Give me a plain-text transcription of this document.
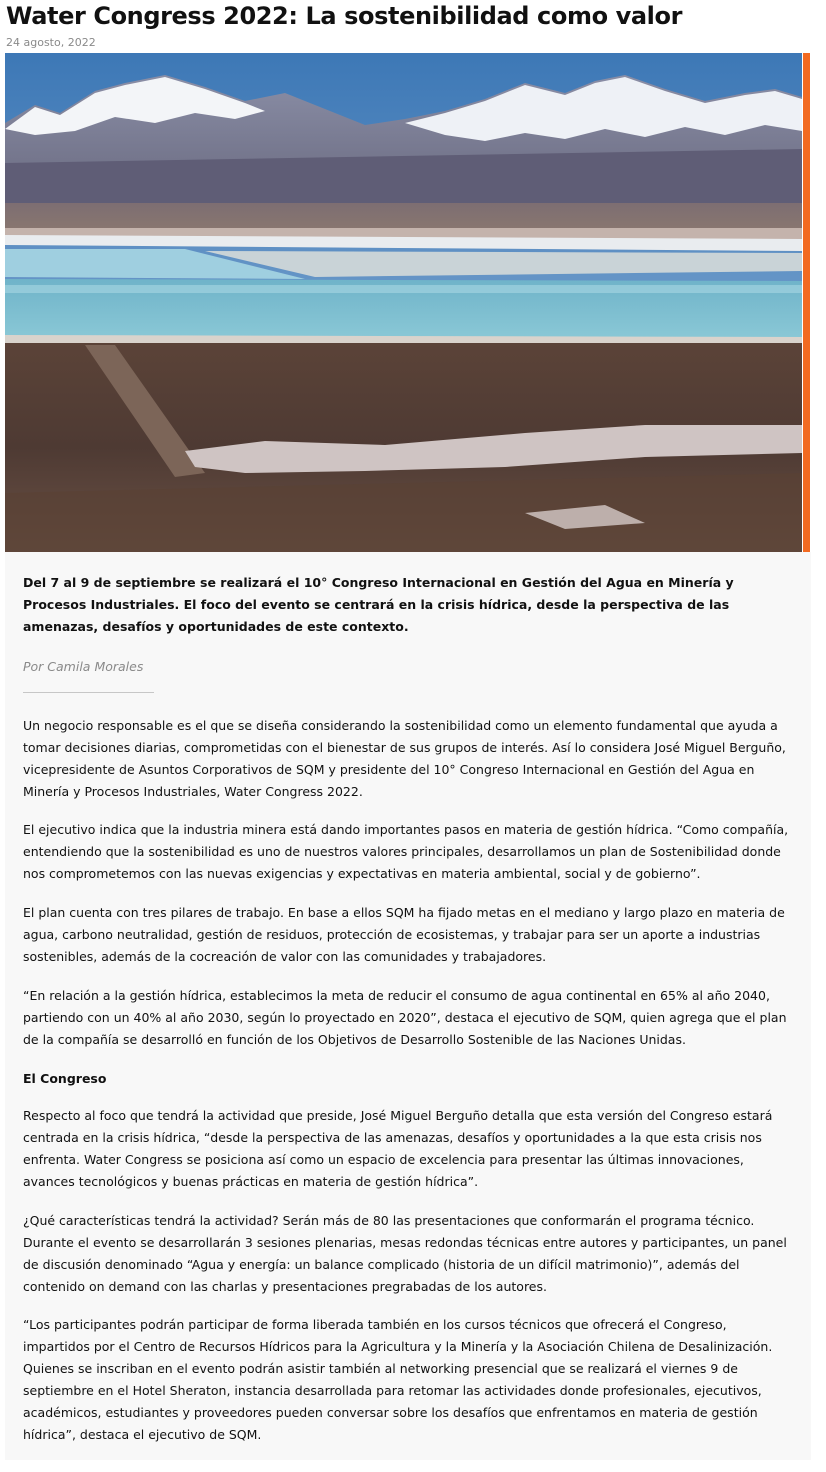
Water Congress 2022: La sostenibilidad como valor
24 agosto, 2022

Del 7 al 9 de septiembre se realizará el 10° Congreso Internacional en Gestión del Agua en Minería y Procesos Industriales. El foco del evento se centrará en la crisis hídrica, desde la perspectiva de las amenazas, desafíos y oportunidades de este contexto.

Por Camila Morales

Un negocio responsable es el que se diseña considerando la sostenibilidad como un elemento fundamental que ayuda a tomar decisiones diarias, comprometidas con el bienestar de sus grupos de interés. Así lo considera José Miguel Berguño, vicepresidente de Asuntos Corporativos de SQM y presidente del 10° Congreso Internacional en Gestión del Agua en Minería y Procesos Industriales, Water Congress 2022.

El ejecutivo indica que la industria minera está dando importantes pasos en materia de gestión hídrica. “Como compañía, entendiendo que la sostenibilidad es uno de nuestros valores principales, desarrollamos un plan de Sostenibilidad donde nos comprometemos con las nuevas exigencias y expectativas en materia ambiental, social y de gobierno”.

El plan cuenta con tres pilares de trabajo. En base a ellos SQM ha fijado metas en el mediano y largo plazo en materia de agua, carbono neutralidad, gestión de residuos, protección de ecosistemas, y trabajar para ser un aporte a industrias sostenibles, además de la cocreación de valor con las comunidades y trabajadores.

“En relación a la gestión hídrica, establecimos la meta de reducir el consumo de agua continental en 65% al año 2040, partiendo con un 40% al año 2030, según lo proyectado en 2020”, destaca el ejecutivo de SQM, quien agrega que el plan de la compañía se desarrolló en función de los Objetivos de Desarrollo Sostenible de las Naciones Unidas.

El Congreso

Respecto al foco que tendrá la actividad que preside, José Miguel Berguño detalla que esta versión del Congreso estará centrada en la crisis hídrica, “desde la perspectiva de las amenazas, desafíos y oportunidades a la que esta crisis nos enfrenta. Water Congress se posiciona así como un espacio de excelencia para presentar las últimas innovaciones, avances tecnológicos y buenas prácticas en materia de gestión hídrica”.

¿Qué características tendrá la actividad? Serán más de 80 las presentaciones que conformarán el programa técnico. Durante el evento se desarrollarán 3 sesiones plenarias, mesas redondas técnicas entre autores y participantes, un panel de discusión denominado “Agua y energía: un balance complicado (historia de un difícil matrimonio)”, además del contenido on demand con las charlas y presentaciones pregrabadas de los autores.

“Los participantes podrán participar de forma liberada también en los cursos técnicos que ofrecerá el Congreso, impartidos por el Centro de Recursos Hídricos para la Agricultura y la Minería y la Asociación Chilena de Desalinización. Quienes se inscriban en el evento podrán asistir también al networking presencial que se realizará el viernes 9 de septiembre en el Hotel Sheraton, instancia desarrollada para retomar las actividades donde profesionales, ejecutivos, académicos, estudiantes y proveedores pueden conversar sobre los desafíos que enfrentamos en materia de gestión hídrica”, destaca el ejecutivo de SQM.
